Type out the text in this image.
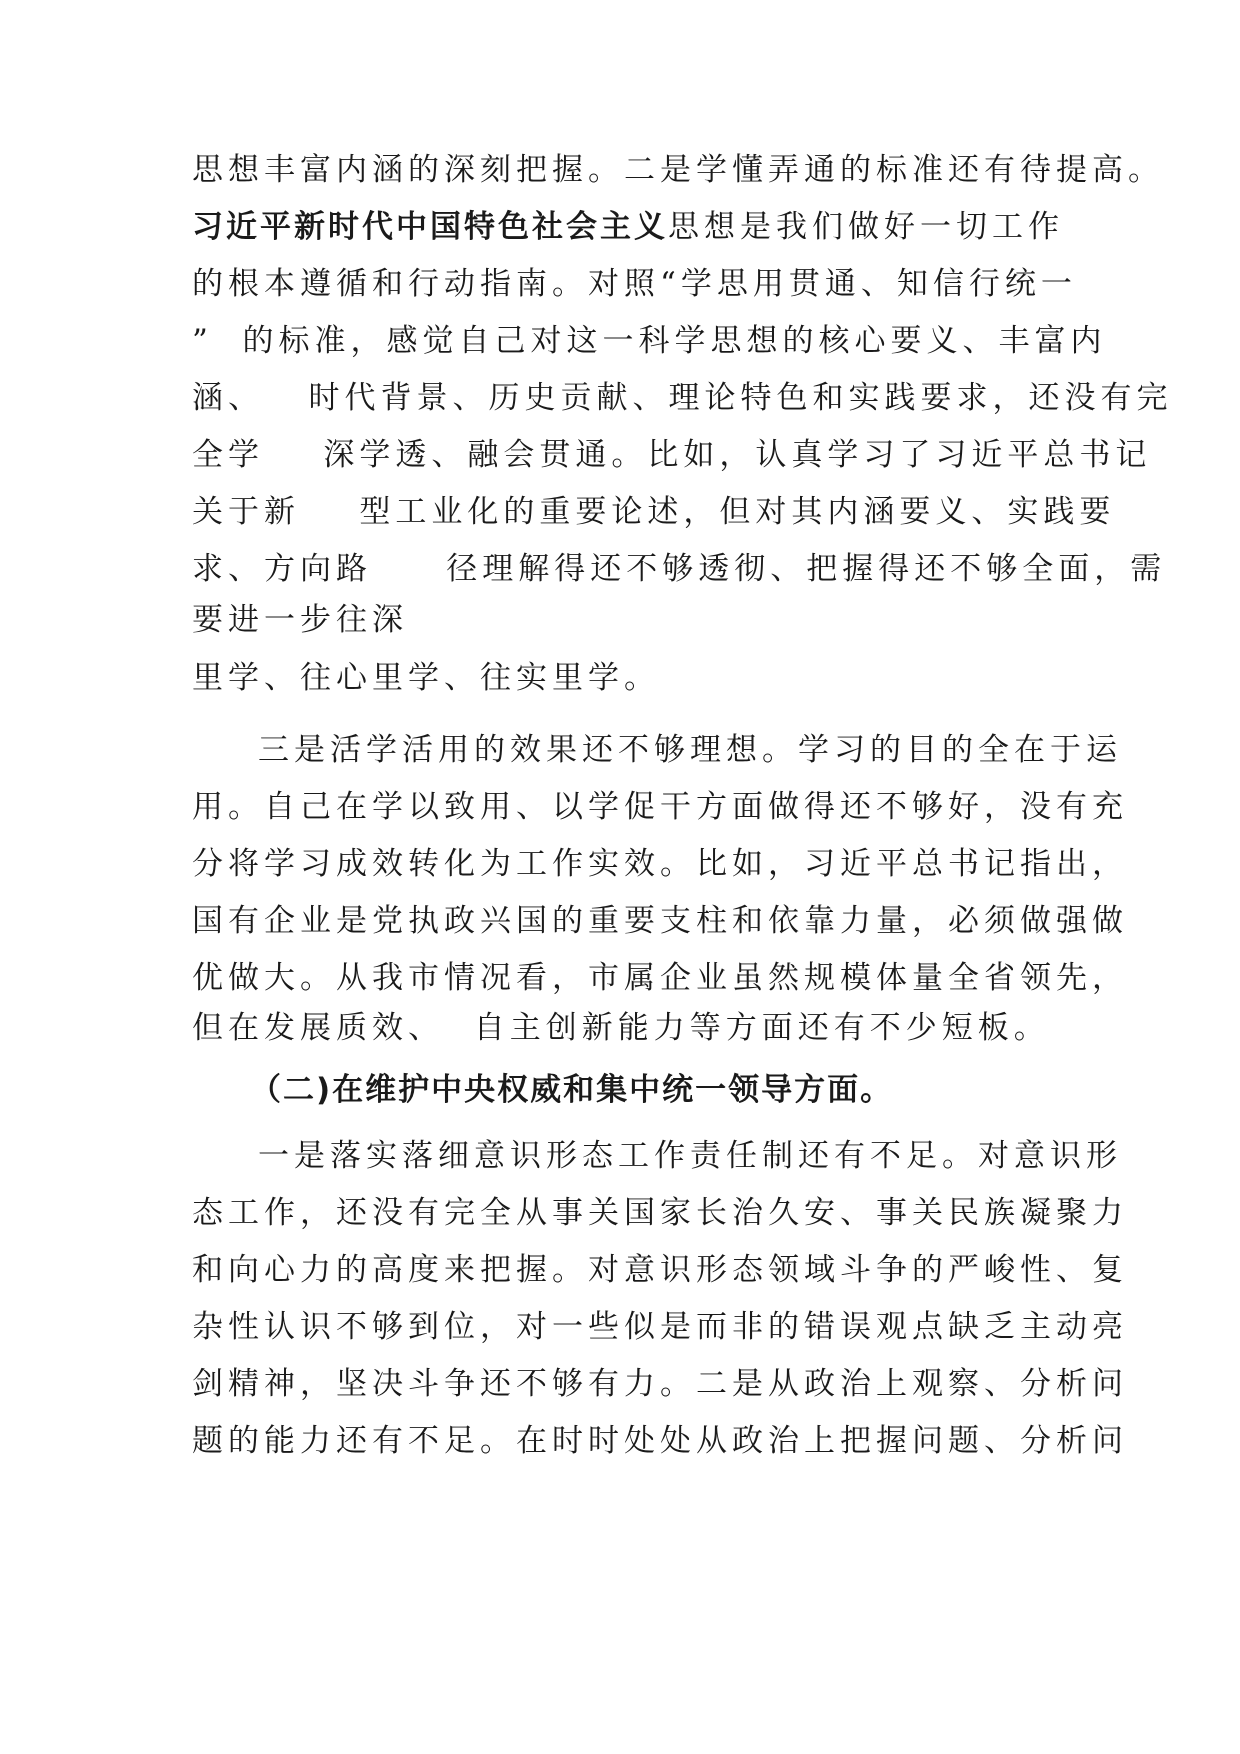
思想丰富内涵的深刻把握。二是学懂弄通的标准还有待提高。
习近平新时代中国特色社会主义思想是我们做好一切工作
的根本遵循和行动指南。对照“学思用贯通、知信行统一
”  的标准，感觉自己对这一科学思想的核心要义、丰富内
涵、   时代背景、历史贡献、理论特色和实践要求，还没有完
全学    深学透、融会贯通。比如，认真学习了习近平总书记
关于新    型工业化的重要论述，但对其内涵要义、实践要
求、方向路     径理解得还不够透彻、把握得还不够全面，需
要进一步往深
里学、往心里学、往实里学。
三是活学活用的效果还不够理想。学习的目的全在于运
用。自己在学以致用、以学促干方面做得还不够好，没有充
分将学习成效转化为工作实效。比如，习近平总书记指出，
国有企业是党执政兴国的重要支柱和依靠力量，必须做强做
优做大。从我市情况看，市属企业虽然规模体量全省领先，
但在发展质效、  自主创新能力等方面还有不少短板。
（二)在维护中央权威和集中统一领导方面。
一是落实落细意识形态工作责任制还有不足。对意识形
态工作，还没有完全从事关国家长治久安、事关民族凝聚力
和向心力的高度来把握。对意识形态领域斗争的严峻性、复
杂性认识不够到位，对一些似是而非的错误观点缺乏主动亮
剑精神，坚决斗争还不够有力。二是从政治上观察、分析问
题的能力还有不足。在时时处处从政治上把握问题、分析问
